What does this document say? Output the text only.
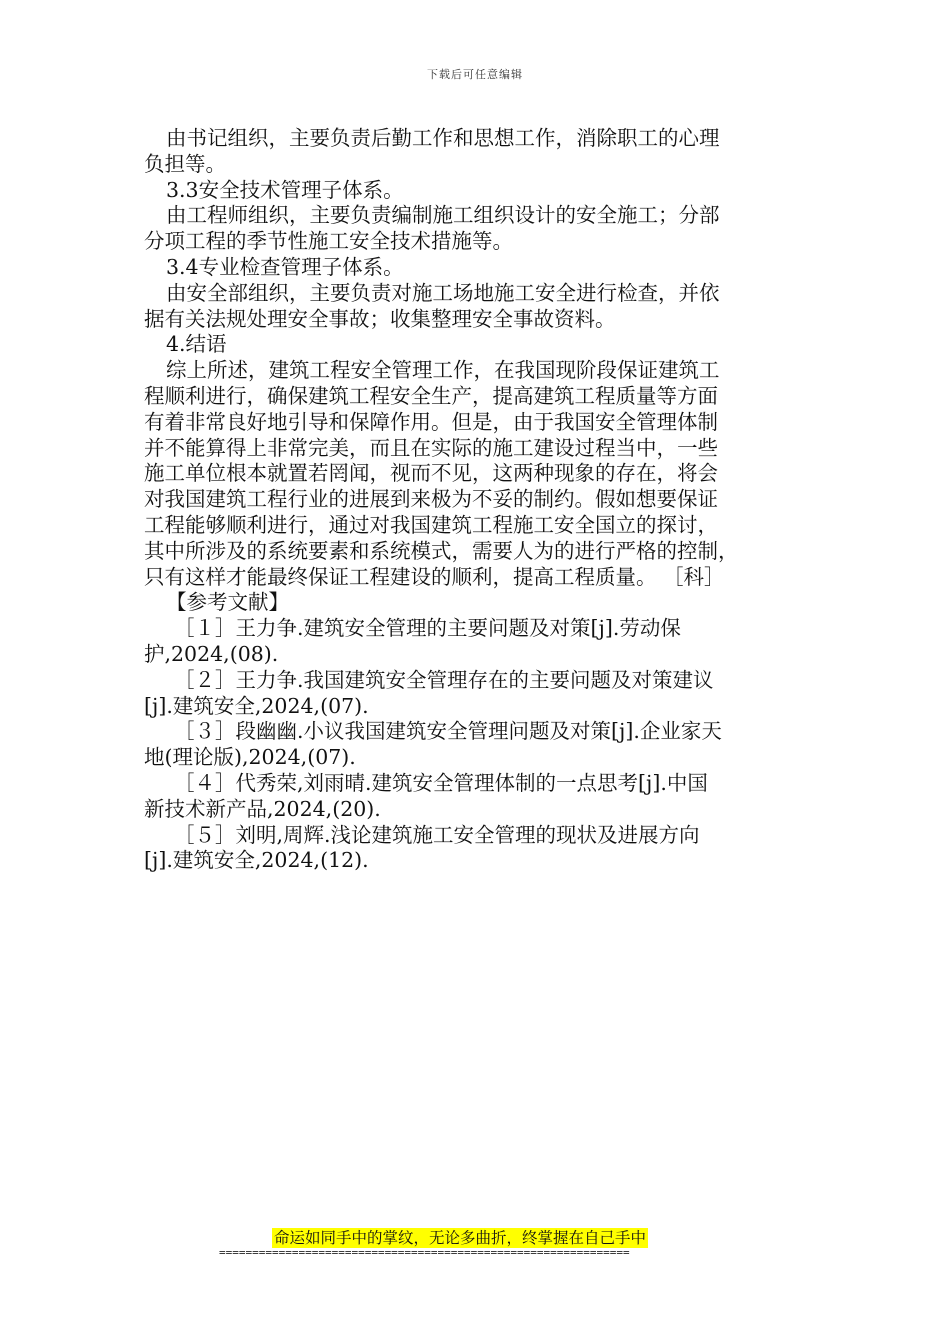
下载后可任意编辑

由书记组织，主要负责后勤工作和思想工作，消除职工的心理

负担等。

3.3安全技术管理子体系。

由工程师组织，主要负责编制施工组织设计的安全施工；分部

分项工程的季节性施工安全技术措施等。

3.4专业检查管理子体系。

由安全部组织，主要负责对施工场地施工安全进行检查，并依

据有关法规处理安全事故；收集整理安全事故资料。

4.结语

综上所述，建筑工程安全管理工作，在我国现阶段保证建筑工

程顺利进行，确保建筑工程安全生产，提高建筑工程质量等方面

有着非常良好地引导和保障作用。但是，由于我国安全管理体制

并不能算得上非常完美，而且在实际的施工建设过程当中，一些

施工单位根本就置若罔闻，视而不见，这两种现象的存在，将会

对我国建筑工程行业的进展到来极为不妥的制约。假如想要保证

工程能够顺利进行，通过对我国建筑工程施工安全国立的探讨，

其中所涉及的系统要素和系统模式，需要人为的进行严格的控制，

只有这样才能最终保证工程建设的顺利，提高工程质量。 ［科］

【参考文献】

［１］王力争.建筑安全管理的主要问题及对策[j].劳动保

护,2024,(08).

［２］王力争.我国建筑安全管理存在的主要问题及对策建议

[j].建筑安全,2024,(07).

［３］段幽幽.小议我国建筑安全管理问题及对策[j].企业家天

地(理论版),2024,(07).

［４］代秀荣,刘雨晴.建筑安全管理体制的一点思考[j].中国

新技术新产品,2024,(20).

［５］刘明,周辉.浅论建筑施工安全管理的现状及进展方向

[j].建筑安全,2024,(12).

命运如同手中的掌纹，无论多曲折，终掌握在自己手中
==============================================================
